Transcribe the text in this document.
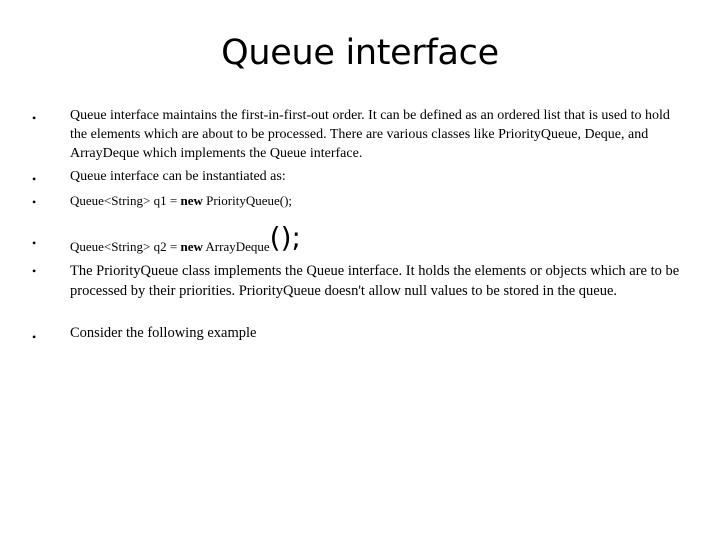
Queue interface
• Queue interface maintains the first-in-first-out order. It can be defined as an ordered list that is used to hold the elements which are about to be processed. There are various classes like PriorityQueue, Deque, and ArrayDeque which implements the Queue interface.
• Queue interface can be instantiated as:
•	Queue<String> q1 = new PriorityQueue();
•	Queue<String> q2 = new ArrayDeque();
• The PriorityQueue class implements the Queue interface. It holds the elements or objects which are to be processed by their priorities. PriorityQueue doesn't allow null values to be stored in the queue.
• Consider the following example
